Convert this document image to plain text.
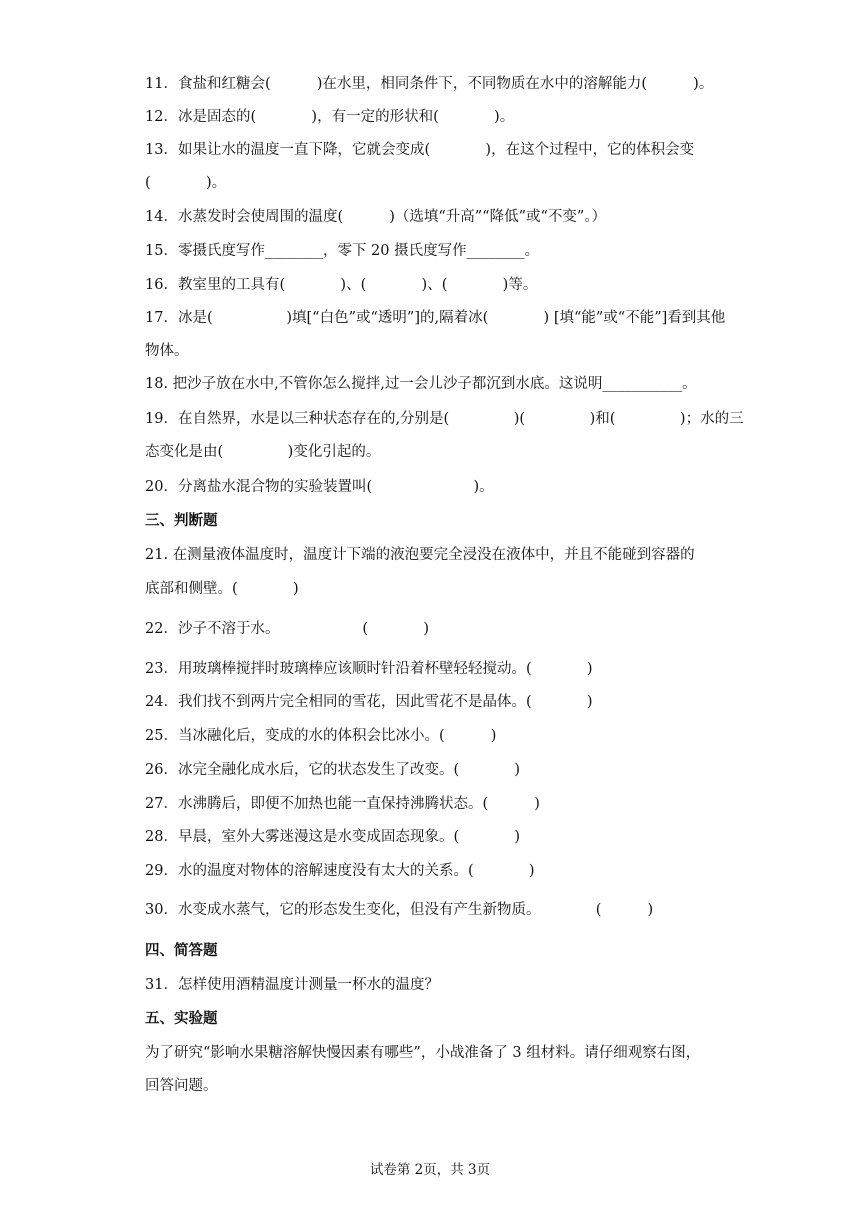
11．食盐和红糖会(          )在水里，相同条件下，不同物质在水中的溶解能力(          )。
12．冰是固态的(            )，有一定的形状和(            )。
13．如果让水的温度一直下降，它就会变成(            )，在这个过程中，它的体积会变
(            )。
14．水蒸发时会使周围的温度(          )（选填“升高”“降低”或“不变”。）
15．零摄氏度写作________，零下 20 摄氏度写作________。
16．教室里的工具有(            )、(            )、(            )等。
17．冰是(                )填[“白色”或“透明”]的,隔着冰(            ) [填“能”或“不能”]看到其他
物体。
18. 把沙子放在水中,不管你怎么搅拌,过一会儿沙子都沉到水底。这说明___________。
19．在自然界，水是以三种状态存在的,分别是(              )(              )和(              )；水的三
态变化是由(              )变化引起的。
20．分离盐水混合物的实验装置叫(                      )。
三、判断题
21. 在测量液体温度时，温度计下端的液泡要完全浸没在液体中，并且不能碰到容器的
底部和侧壁。(            )
22．沙子不溶于水。                  (            )
23．用玻璃棒搅拌时玻璃棒应该顺时针沿着杯壁轻轻搅动。(            )
24．我们找不到两片完全相同的雪花，因此雪花不是晶体。(            )
25．当冰融化后，变成的水的体积会比冰小。(          )
26．冰完全融化成水后，它的状态发生了改变。(            )
27．水沸腾后，即便不加热也能一直保持沸腾状态。(          )
28．早晨，室外大雾迷漫这是水变成固态现象。(            )
29．水的温度对物体的溶解速度没有太大的关系。(            )
30．水变成水蒸气，它的形态发生变化，但没有产生新物质。            (          )
四、简答题
31．怎样使用酒精温度计测量一杯水的温度？
五、实验题
为了研究“影响水果糖溶解快慢因素有哪些”，小战准备了 3 组材料。请仔细观察右图，
回答问题。
试卷第 2页，共 3页
